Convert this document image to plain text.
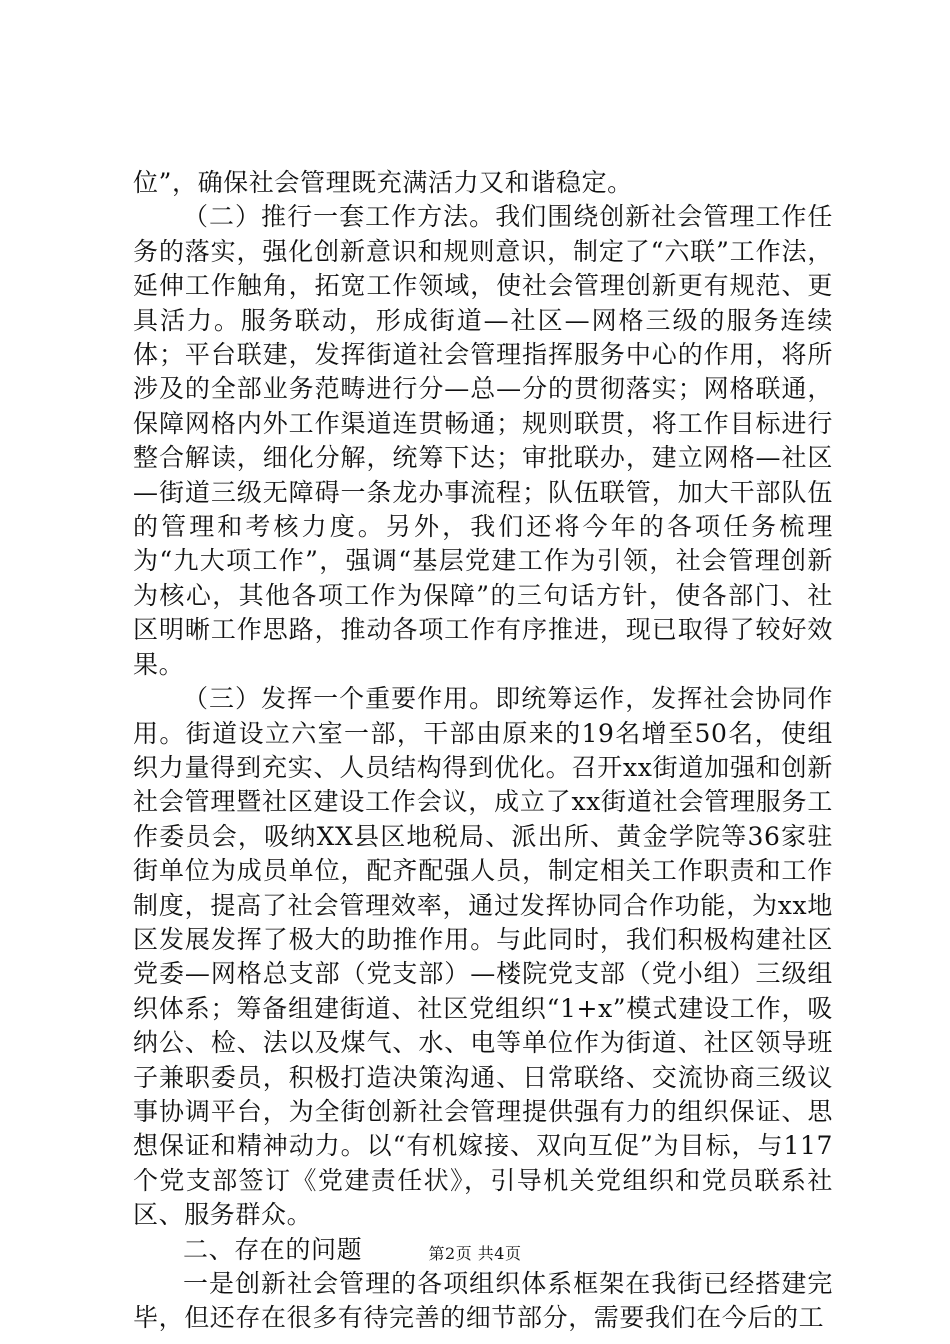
位”，确保社会管理既充满活力又和谐稳定。

（二）推行一套工作方法。我们围绕创新社会管理工作任务的落实，强化创新意识和规则意识，制定了“六联”工作法，延伸工作触角，拓宽工作领域，使社会管理创新更有规范、更具活力。服务联动，形成街道—社区—网格三级的服务连续体；平台联建，发挥街道社会管理指挥服务中心的作用，将所涉及的全部业务范畴进行分—总—分的贯彻落实；网格联通，保障网格内外工作渠道连贯畅通；规则联贯，将工作目标进行整合解读，细化分解，统筹下达；审批联办，建立网格—社区—街道三级无障碍一条龙办事流程；队伍联管，加大干部队伍的管理和考核力度。另外，我们还将今年的各项任务梳理为“九大项工作”，强调“基层党建工作为引领，社会管理创新为核心，其他各项工作为保障”的三句话方针，使各部门、社区明晰工作思路，推动各项工作有序推进，现已取得了较好效果。

（三）发挥一个重要作用。即统筹运作，发挥社会协同作用。街道设立六室一部，干部由原来的19名增至50名，使组织力量得到充实、人员结构得到优化。召开xx街道加强和创新社会管理暨社区建设工作会议，成立了xx街道社会管理服务工作委员会，吸纳XX县区地税局、派出所、黄金学院等36家驻街单位为成员单位，配齐配强人员，制定相关工作职责和工作制度，提高了社会管理效率，通过发挥协同合作功能，为xx地区发展发挥了极大的助推作用。与此同时，我们积极构建社区党委—网格总支部（党支部）—楼院党支部（党小组）三级组织体系；筹备组建街道、社区党组织“1+x”模式建设工作，吸纳公、检、法以及煤气、水、电等单位作为街道、社区领导班子兼职委员，积极打造决策沟通、日常联络、交流协商三级议事协调平台，为全街创新社会管理提供强有力的组织保证、思想保证和精神动力。以“有机嫁接、双向互促”为目标，与117个党支部签订《党建责任状》，引导机关党组织和党员联系社区、服务群众。

二、存在的问题

一是创新社会管理的各项组织体系框架在我街已经搭建完毕，但还存在很多有待完善的细节部分，需要我们在今后的工

第2页 共4页
